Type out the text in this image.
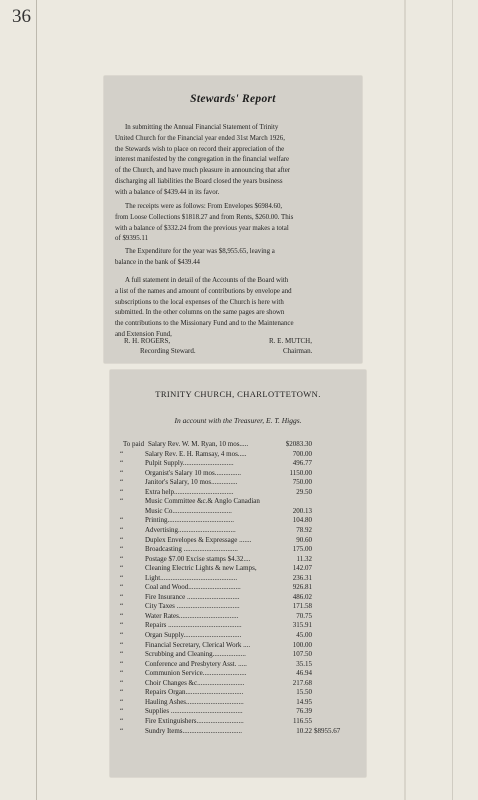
36
Stewards' Report
In submitting the Annual Financial Statement of Trinity
United Church for the Financial year ended 31st March 1926,
the Stewards wish to place on record their appreciation of the
interest manifested by the congregation in the financial welfare
of the Church, and have much pleasure in announcing that after
discharging all liabilities the Board closed the years business
with a balance of $439.44 in its favor.
The receipts were as follows: From Envelopes $6984.60,
from Loose Collections $1818.27 and from Rents, $260.00. This
with a balance of $332.24 from the previous year makes a total
of $9395.11
The Expenditure for the year was $8,955.65, leaving a
balance in the bank of $439.44
A full statement in detail of the Accounts of the Board with
a list of the names and amount of contributions by envelope and
subscriptions to the local expenses of the Church is here with
submitted. In the other columns on the same pages are shown
the contributions to the Missionary Fund and to the Maintenance
and Extension Fund,
R. H. ROGERS,
Recording Steward.
R. E. MUTCH,
Chairman.
TRINITY CHURCH, CHARLOTTETOWN.
In account with the Treasurer, E. T. Higgs.
To paid Salary Rev. W. M. Ryan, 10 mos.....	$2083.30
“	Salary Rev. E. H. Ramsay, 4 mos.....	700.00
“	Pulpit Supply.............................	496.77
“	Organist's Salary 10 mos...............	1150.00
“	Janitor's Salary, 10 mos...............	750.00
“	Extra help..................................	29.50
“	Music Committee &c.& Anglo Canadian
Music Co..................................	200.13
“	Printing......................................	104.80
“	Advertising.................................	78.92
“	Duplex Envelopes & Expressage .......	90.60
“	Broadcasting ...............................	175.00
“	Postage $7.00 Excise stamps $4.32....	11.32
“	Cleaning Electric Lights & new Lamps,	142.07
“	Light............................................	236.31
“	Coal and Wood..............................	926.81
“	Fire Insurance ..............................	486.02
“	City Taxes ....................................	171.58
“	Water Rates..................................	70.75
“	Repairs ..........................................	315.91
“	Organ Supply.................................	45.00
“	Financial Secretary, Clerical Work ....	100.00
“	Scrubbing and Cleaning...................	107.50
“	Conference and Presbytery Asst. .....	35.15
“	Communion Service.........................	46.94
“	Choir Changes &c...........................	217.68
“	Repairs Organ.................................	15.50
“	Hauling Ashes.................................	14.95
“	Supplies .........................................	76.39
“	Fire Extinguishers...........................	116.55
“	Sundry Items..................................	10.22 $8955.67
